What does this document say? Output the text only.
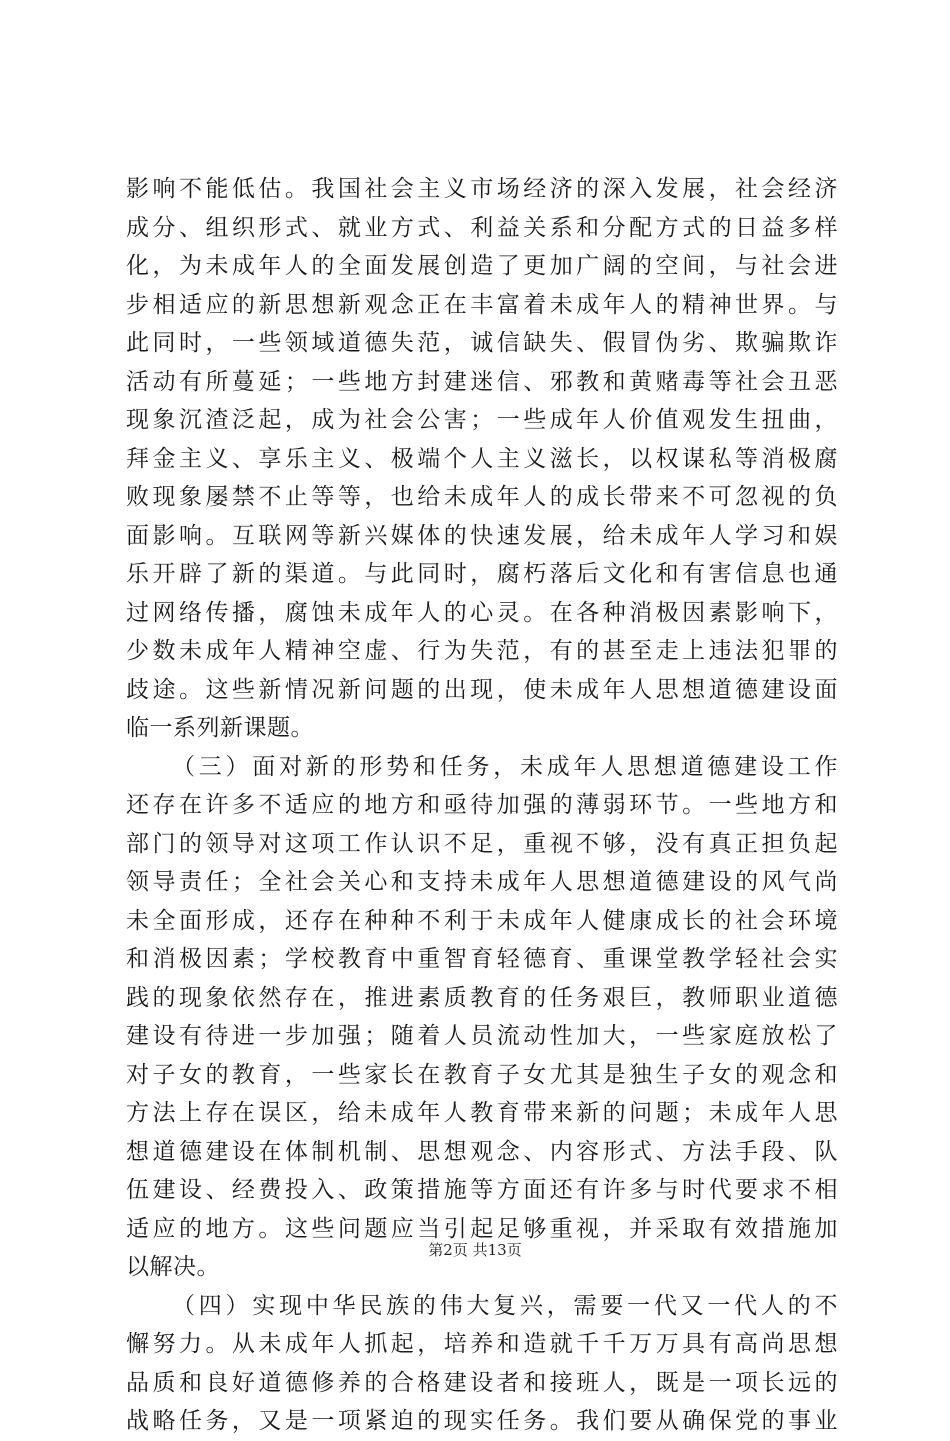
影响不能低估。我国社会主义市场经济的深入发展，社会经济
成分、组织形式、就业方式、利益关系和分配方式的日益多样
化，为未成年人的全面发展创造了更加广阔的空间，与社会进
步相适应的新思想新观念正在丰富着未成年人的精神世界。与
此同时，一些领域道德失范，诚信缺失、假冒伪劣、欺骗欺诈
活动有所蔓延；一些地方封建迷信、邪教和黄赌毒等社会丑恶
现象沉渣泛起，成为社会公害；一些成年人价值观发生扭曲，
拜金主义、享乐主义、极端个人主义滋长，以权谋私等消极腐
败现象屡禁不止等等，也给未成年人的成长带来不可忽视的负
面影响。互联网等新兴媒体的快速发展，给未成年人学习和娱
乐开辟了新的渠道。与此同时，腐朽落后文化和有害信息也通
过网络传播，腐蚀未成年人的心灵。在各种消极因素影响下，
少数未成年人精神空虚、行为失范，有的甚至走上违法犯罪的
歧途。这些新情况新问题的出现，使未成年人思想道德建设面
临一系列新课题。
（三）面对新的形势和任务，未成年人思想道德建设工作
还存在许多不适应的地方和亟待加强的薄弱环节。一些地方和
部门的领导对这项工作认识不足，重视不够，没有真正担负起
领导责任；全社会关心和支持未成年人思想道德建设的风气尚
未全面形成，还存在种种不利于未成年人健康成长的社会环境
和消极因素；学校教育中重智育轻德育、重课堂教学轻社会实
践的现象依然存在，推进素质教育的任务艰巨，教师职业道德
建设有待进一步加强；随着人员流动性加大，一些家庭放松了
对子女的教育，一些家长在教育子女尤其是独生子女的观念和
方法上存在误区，给未成年人教育带来新的问题；未成年人思
想道德建设在体制机制、思想观念、内容形式、方法手段、队
伍建设、经费投入、政策措施等方面还有许多与时代要求不相
适应的地方。这些问题应当引起足够重视，并采取有效措施加
以解决。
（四）实现中华民族的伟大复兴，需要一代又一代人的不
懈努力。从未成年人抓起，培养和造就千千万万具有高尚思想
品质和良好道德修养的合格建设者和接班人，既是一项长远的
战略任务，又是一项紧迫的现实任务。我们要从确保党的事业
第2页 共13页
